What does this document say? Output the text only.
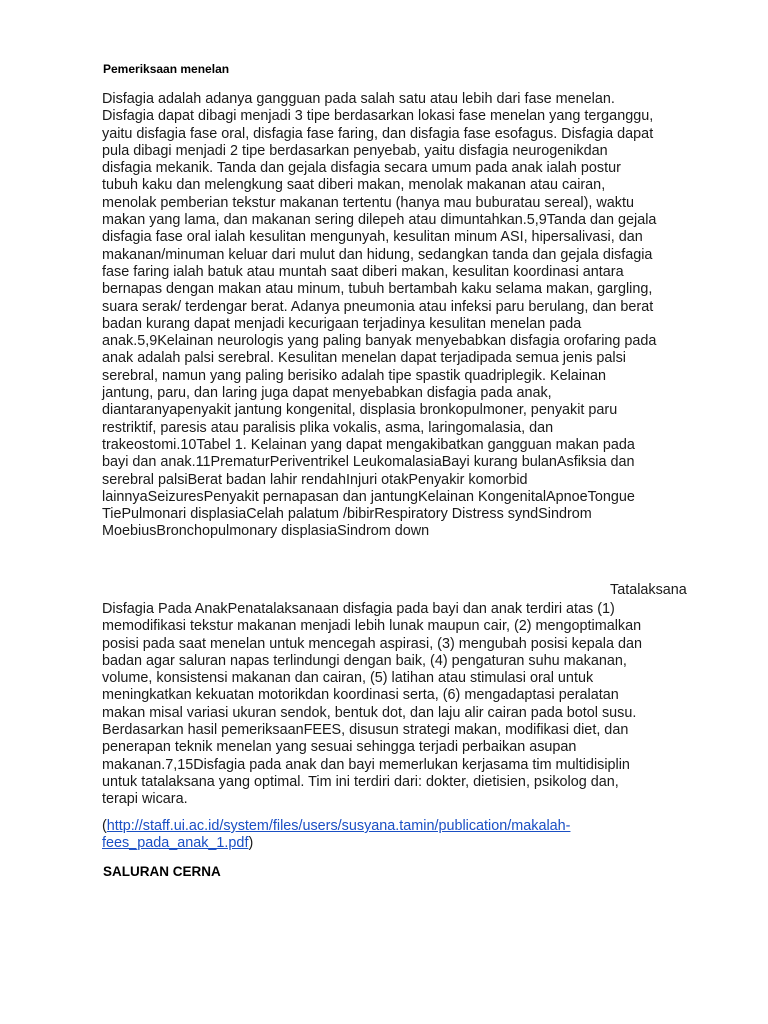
Pemeriksaan menelan

Disfagia adalah adanya gangguan pada salah satu atau lebih dari fase menelan.
Disfagia dapat dibagi menjadi 3 tipe berdasarkan lokasi fase menelan yang terganggu,
yaitu disfagia fase oral, disfagia fase faring, dan disfagia fase esofagus. Disfagia dapat
pula dibagi menjadi 2 tipe berdasarkan penyebab, yaitu disfagia neurogenikdan
disfagia mekanik. Tanda dan gejala disfagia secara umum pada anak ialah postur
tubuh kaku dan melengkung saat diberi makan, menolak makanan atau cairan,
menolak pemberian tekstur makanan tertentu (hanya mau buburatau sereal), waktu
makan yang lama, dan makanan sering dilepeh atau dimuntahkan.5,9Tanda dan gejala
disfagia fase oral ialah kesulitan mengunyah, kesulitan minum ASI, hipersalivasi, dan
makanan/minuman keluar dari mulut dan hidung, sedangkan tanda dan gejala disfagia
fase faring ialah batuk atau muntah saat diberi makan, kesulitan koordinasi antara
bernapas dengan makan atau minum, tubuh bertambah kaku selama makan, gargling,
suara serak/ terdengar berat. Adanya pneumonia atau infeksi paru berulang, dan berat
badan kurang dapat menjadi kecurigaan terjadinya kesulitan menelan pada
anak.5,9Kelainan neurologis yang paling banyak menyebabkan disfagia orofaring pada
anak adalah palsi serebral. Kesulitan menelan dapat terjadipada semua jenis palsi
serebral, namun yang paling berisiko adalah tipe spastik quadriplegik. Kelainan
jantung, paru, dan laring juga dapat menyebabkan disfagia pada anak,
diantaranyapenyakit jantung kongenital, displasia bronkopulmoner, penyakit paru
restriktif, paresis atau paralisis plika vokalis, asma, laringomalasia, dan
trakeostomi.10Tabel 1. Kelainan yang dapat mengakibatkan gangguan makan pada
bayi dan anak.11PrematurPeriventrikel LeukomalasiaBayi kurang bulanAsfiksia dan
serebral palsiBerat badan lahir rendahInjuri otakPenyakir komorbid
lainnyaSeizuresPenyakit pernapasan dan jantungKelainan KongenitalApnoeTongue
TiePulmonari displasiaCelah palatum /bibirRespiratory Distress syndSindrom
MoebiusBronchopulmonary displasiaSindrom down

Tatalaksana

Disfagia Pada AnakPenatalaksanaan disfagia pada bayi dan anak terdiri atas (1)
memodifikasi tekstur makanan menjadi lebih lunak maupun cair, (2) mengoptimalkan
posisi pada saat menelan untuk mencegah aspirasi, (3) mengubah posisi kepala dan
badan agar saluran napas terlindungi dengan baik, (4) pengaturan suhu makanan,
volume, konsistensi makanan dan cairan, (5) latihan atau stimulasi oral untuk
meningkatkan kekuatan motorikdan koordinasi serta, (6) mengadaptasi peralatan
makan misal variasi ukuran sendok, bentuk dot, dan laju alir cairan pada botol susu.
Berdasarkan hasil pemeriksaanFEES, disusun strategi makan, modifikasi diet, dan
penerapan teknik menelan yang sesuai sehingga terjadi perbaikan asupan
makanan.7,15Disfagia pada anak dan bayi memerlukan kerjasama tim multidisiplin
untuk tatalaksana yang optimal. Tim ini terdiri dari: dokter, dietisien, psikolog dan,
terapi wicara.

(http://staff.ui.ac.id/system/files/users/susyana.tamin/publication/makalah-
fees_pada_anak_1.pdf)
SALURAN CERNA
